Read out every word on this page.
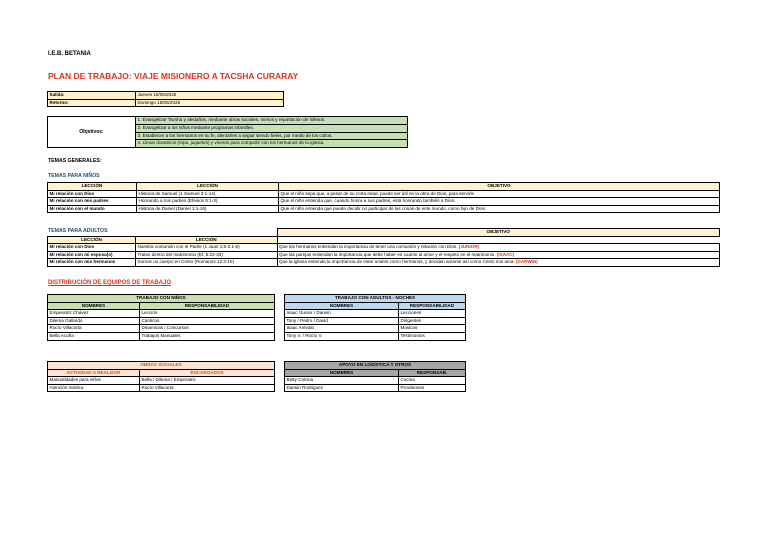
I.E.B. BETANIA
PLAN DE TRABAJO: VIAJE MISIONERO A TACSHA CURARAY
Salida:	Jueves 15/05/2025
Retorno:	Domingo 18/05/2025
Objetivos:	1. Evangelizar Tacsha y aledaños, mediante obras sociales, mimos y repartación de folletos.
2. Evangelizar a los niños mediante programas infantiles.
3. Establecer a los hermanos en su fe, alentarles a seguir siendo fieles, por medio de los cultos.
4. Llevar donativos (ropa, juguetes) y víveres para compartir con los hermanos de la iglesia.
TEMAS GENERALES:
TEMAS PARA NIÑOS
LECCIÓN	LECCIÓN	OBJETIVO
Mi relación con Dios	Historia de Samuel (1 Samuel 3:1-14)	Que el niño sepa que, a pesar de su corta edad, puede ser útil en la obra de Dios, para servirle
Mi relación con mis padres	Honrando a mis padres (Efesios 6:1-3)	Que el niño entienda que, cuando honra a sus padres, está honrando también a Dios.
Mi relación con el mundo	Historia de Daniel (Daniel 1:1-16)	Que el niño entienda que puede decidir no participar de las cosas de este mundo, como hijo de Dios.
TEMAS PARA ADULTOS
			OBJETIVO
LECCIÓN	LECCIÓN	
Mi relación con Dios	Nuestra comunión con el Padre (1 Juan 1:5-2:1-6)	Que los hermanos entiendan la importancia de tener una comunión y relación con Dios. (JUNIOR)
Mi relación con mi esposa(o)	Tratos dentro del matrimonio (Ef. 5:22-33)	Que las parejas entiendan la importancia que debe haber en cuanto al amor y el respeto en el matrimonio. (ISAAC)
Mi relación con mis hermanos	Somos un cuerpo en Cristo (Romanos 12:3-10)	Que la iglesia entienda la importancia de estar unidos como hermanos, y decidan amarse así como Cristo nos ama. (DARWIN)
DISTRIBUCIÓN DE EQUIPOS DE TRABAJO
TRABAJO CON NIÑOS	
NOMBRES	RESPONSABILIDAD
Emperatriz Chávez	Lección
Dilema Gallardo	Canticos
Rocío Villacorta	Dinamicas / Concursos
Bella Acuña	Trabajos Manuales
TRABAJO CON ADULTOS - NOCHES	
NOMBRES	RESPONSABILIDAD
Isaac /Junior / Darwin	Lecciones
Tony / Pedro / David	Dirigentes
Isaac Arévalo	Músicos
Tony V. / Rocío V.	Testimonios
OBRAS SOCIALES	
ACTIVIDAD A REALIZAR	ENCARGADOS
Manualidades para niños	Bella / Dilema / Emperatric
Atención médica	Rocío Villacorta
APOYO EN LOGÍSTICA Y OTROS	
NOMBRES	RESPONSAB.
Betty Cotrina	Cocina
Darwin Rodriguez	Provisiones
